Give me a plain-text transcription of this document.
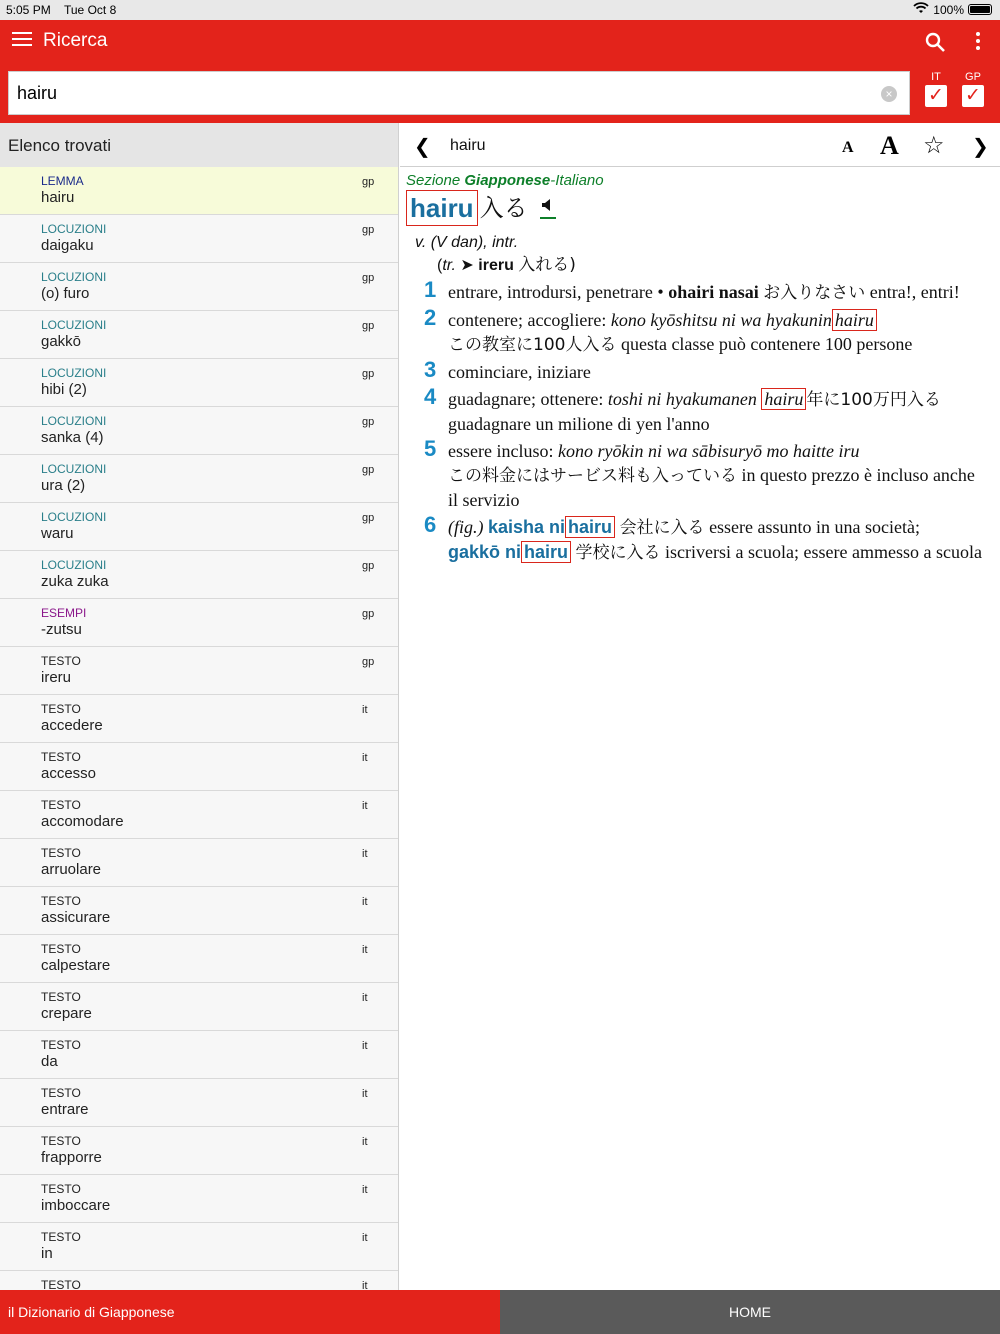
5:05 PM Tue Oct 8	100%
Ricerca
hairu
×
IT
✓
GP
✓
Elenco trovati
LEMMA
hairu
gp
LOCUZIONI
daigaku
gp
LOCUZIONI
(o) furo
gp
LOCUZIONI
gakkō
gp
LOCUZIONI
hibi (2)
gp
LOCUZIONI
sanka (4)
gp
LOCUZIONI
ura (2)
gp
LOCUZIONI
waru
gp
LOCUZIONI
zuka zuka
gp
ESEMPI
-zutsu
gp
TESTO
ireru
gp
TESTO
accedere
it
TESTO
accesso
it
TESTO
accomodare
it
TESTO
arruolare
it
TESTO
assicurare
it
TESTO
calpestare
it
TESTO
crepare
it
TESTO
da
it
TESTO
entrare
it
TESTO
frapporre
it
TESTO
imboccare
it
TESTO
in
it
TESTO	it
❮ hairu	A A ☆ ❯
Sezione Giapponese-Italiano
hairu 入る
v. (V dan), intr.
(tr. ➤ ireru 入れる)
1 entrare, introdursi, penetrare • ohairi nasai お入りなさい entra!, entri!
2 contenere; accogliere: kono kyōshitsu ni wa hyakunin hairu
この教室に100人入る questa classe può contenere 100 persone
3 cominciare, iniziare
4 guadagnare; ottenere: toshi ni hyakumanen hairu 年に100万円入る
guadagnare un milione di yen l'anno
5 essere incluso: kono ryōkin ni wa sābisuryō mo haitte iru
この料金にはサービス料も入っている in questo prezzo è incluso anche il servizio
6 (fig.) kaisha ni hairu 会社に入る essere assunto in una società;
gakkō ni hairu 学校に入る iscriversi a scuola; essere ammesso a scuola
il Dizionario di Giapponese	HOME
